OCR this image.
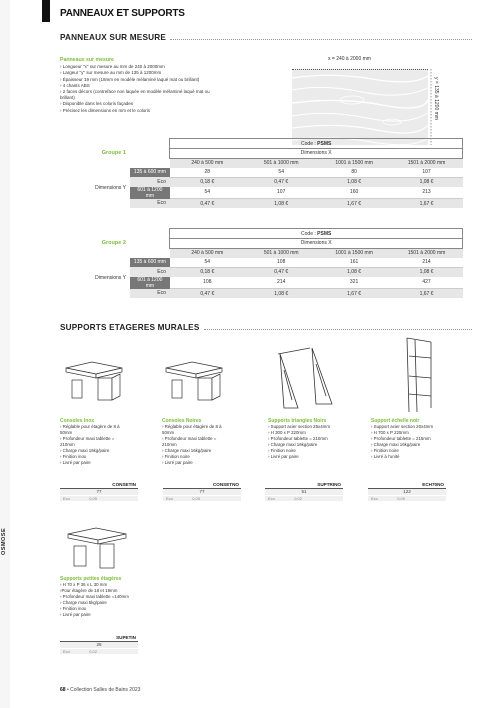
PANNEAUX ET SUPPORTS
PANNEAUX SUR MESURE
Panneaux sur mesure
› Longueur "x" sur mesure au mm de 240 à 2000mm
› Largeur "y" sur mesure au mm de 135 à 1200mm
› Épaisseur 19 mm (18mm en modèle mélaminé laqué mat ou brillant)
› 4 chants ABS
› 2 faces décors (contreface non laquée en modèle mélaminé laqué mat ou
brillant)
› Disponible dans les coloris façades
› Précisez les dimensions en mm et le coloris
x = 240 à 2000 mm
y = 135 à 1200 mm
		Code : PSMS			
Groupe 1		Dimensions X			
		240 à 500 mm	501 à 1000 mm	1001 à 1500 mm	1501 à 2000 mm
Dimensions Y	135 à 600 mm	28	54	80	107
	Eco	0,18 €	0,47 €	1,08 €	1,08 €
	601 à 1200 mm	54	107	160	213
	Eco	0,47 €	1,08 €	1,67 €	1,67 €
		Code : PSMS			
Groupe 2		Dimensions X			
		240 à 500 mm	501 à 1000 mm	1001 à 1500 mm	1501 à 2000 mm
Dimensions Y	135 à 600 mm	54	108	161	214
	Eco	0,18 €	0,47 €	1,08 €	1,08 €
	601 à 1200 mm	108	214	321	427
	Eco	0,47 €	1,08 €	1,67 €	1,67 €
SUPPORTS ETAGERES MURALES
Consoles Inox
› Réglable pour étagère de 8 à
50mm
› Profondeur maxi tablette =
210mm
› Charge maxi 16kg/paire
› Finition inox
› Livré par paire
Consoles Noires
› Réglable pour étagère de 8 à
50mm
› Profondeur maxi tablette =
210mm
› Charge maxi 16kg/paire
› Finition noire
› Livré par paire
Supports triangles Noirs
› Support acier section 25x4mm
› H 300 x P 220mm
› Profondeur tablette = 210mm
› Charge maxi 16kg/paire
› Finition noire
› Livré par paire
Support échelle noir
› Support acier section 20x4mm
› H 700 x P 225mm
› Profondeur tablette = 215mm
› Charge maxi 16kg/paire
› Finition noire
› Livré à l'unité
Supports petites étagères
› H 70 x P 36 x L 30 mm
›Pour étagère de 18 et 19mm
› Profondeur maxi tablette =140mm
› Charge maxi 5kg/paire
› Finition inox
› Livré par paire
CONSETIN
77
Eco	0,05
CONSETNO
77
Eco	0,05
SUPTRINO
51
Eco	0,02
ECH70NO
122
Eco	0,09
SUPETIN
28
Eco	0,02
68 • Collection Salles de Bains 2023
